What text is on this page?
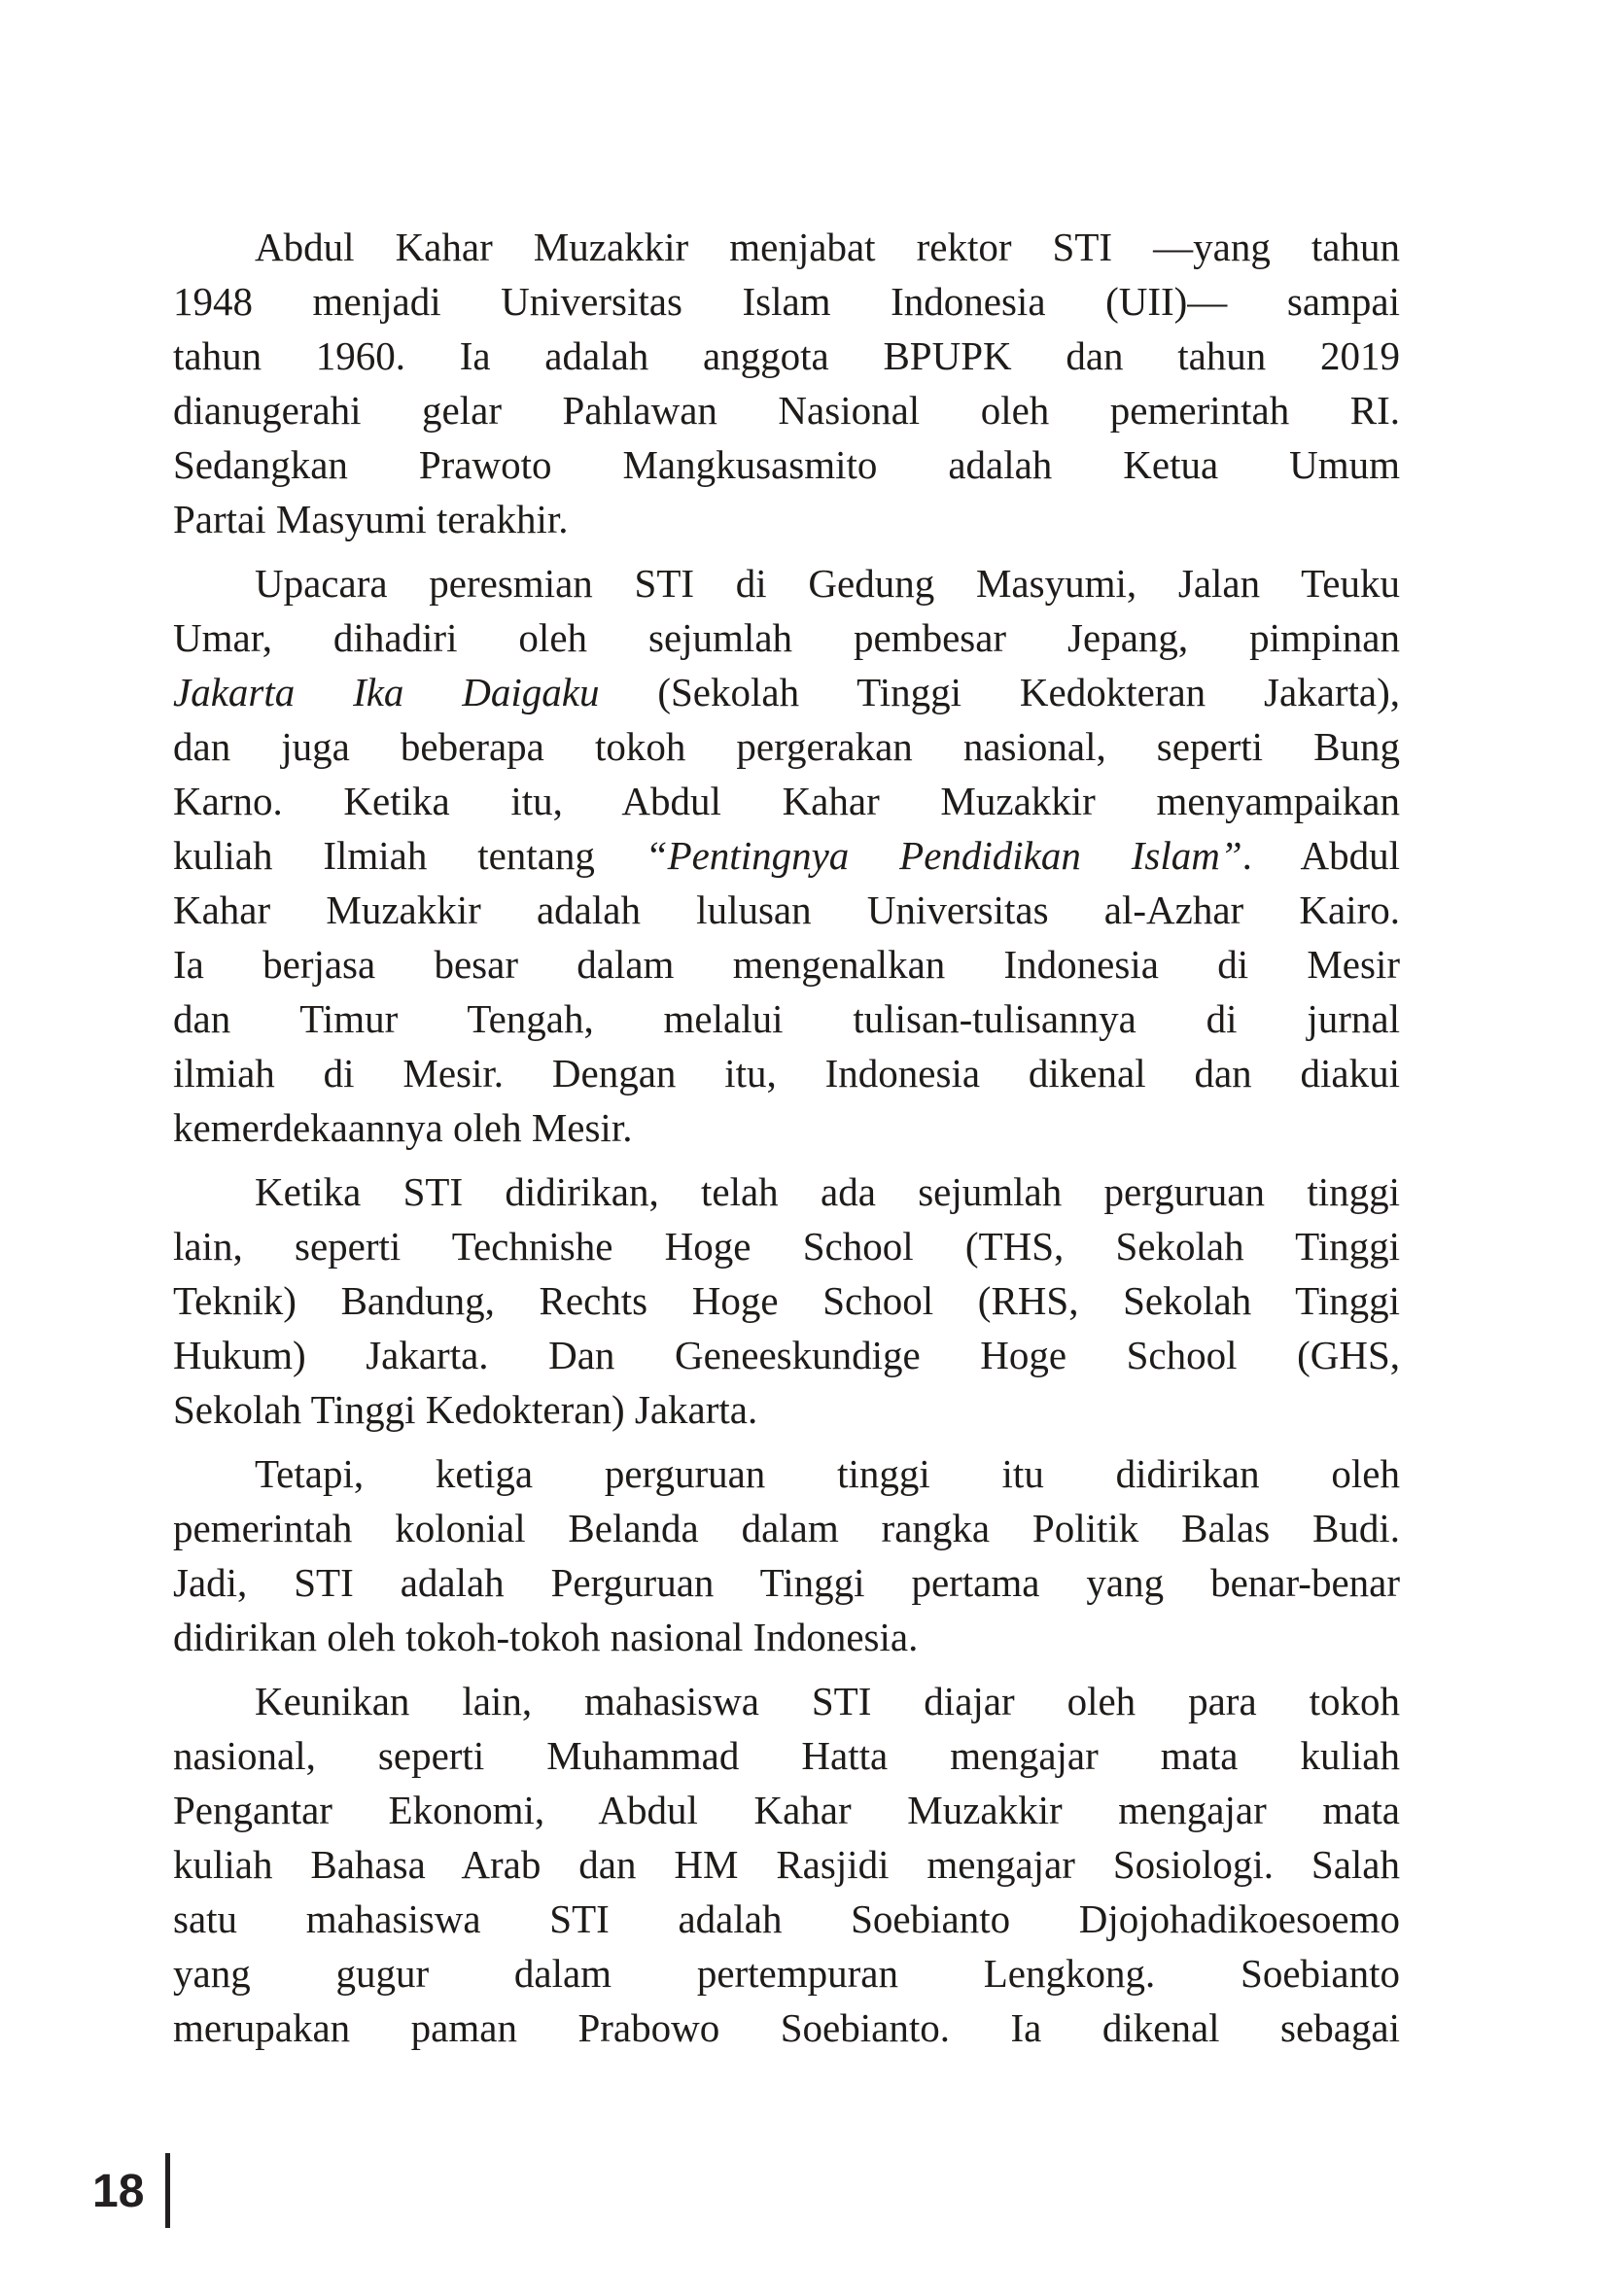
Abdul Kahar Muzakkir menjabat rektor STI —yang tahun
1948 menjadi Universitas Islam Indonesia (UII)— sampai
tahun 1960. Ia adalah anggota BPUPK dan tahun 2019
dianugerahi gelar Pahlawan Nasional oleh pemerintah RI.
Sedangkan Prawoto Mangkusasmito adalah Ketua Umum
Partai Masyumi terakhir.
Upacara peresmian STI di Gedung Masyumi, Jalan Teuku
Umar, dihadiri oleh sejumlah pembesar Jepang, pimpinan
Jakarta Ika Daigaku (Sekolah Tinggi Kedokteran Jakarta),
dan juga beberapa tokoh pergerakan nasional, seperti Bung
Karno. Ketika itu, Abdul Kahar Muzakkir menyampaikan
kuliah Ilmiah tentang “Pentingnya Pendidikan Islam”. Abdul
Kahar Muzakkir adalah lulusan Universitas al-Azhar Kairo.
Ia berjasa besar dalam mengenalkan Indonesia di Mesir
dan Timur Tengah, melalui tulisan-tulisannya di jurnal
ilmiah di Mesir. Dengan itu, Indonesia dikenal dan diakui
kemerdekaannya oleh Mesir.
Ketika STI didirikan, telah ada sejumlah perguruan tinggi
lain, seperti Technishe Hoge School (THS, Sekolah Tinggi
Teknik) Bandung, Rechts Hoge School (RHS, Sekolah Tinggi
Hukum) Jakarta. Dan Geneeskundige Hoge School (GHS,
Sekolah Tinggi Kedokteran) Jakarta.
Tetapi, ketiga perguruan tinggi itu didirikan oleh
pemerintah kolonial Belanda dalam rangka Politik Balas Budi.
Jadi, STI adalah Perguruan Tinggi pertama yang benar-benar
didirikan oleh tokoh-tokoh nasional Indonesia.
Keunikan lain, mahasiswa STI diajar oleh para tokoh
nasional, seperti Muhammad Hatta mengajar mata kuliah
Pengantar Ekonomi, Abdul Kahar Muzakkir mengajar mata
kuliah Bahasa Arab dan HM Rasjidi mengajar Sosiologi. Salah
satu mahasiswa STI adalah Soebianto Djojohadikoesoemo
yang gugur dalam pertempuran Lengkong. Soebianto
merupakan paman Prabowo Soebianto. Ia dikenal sebagai
18
